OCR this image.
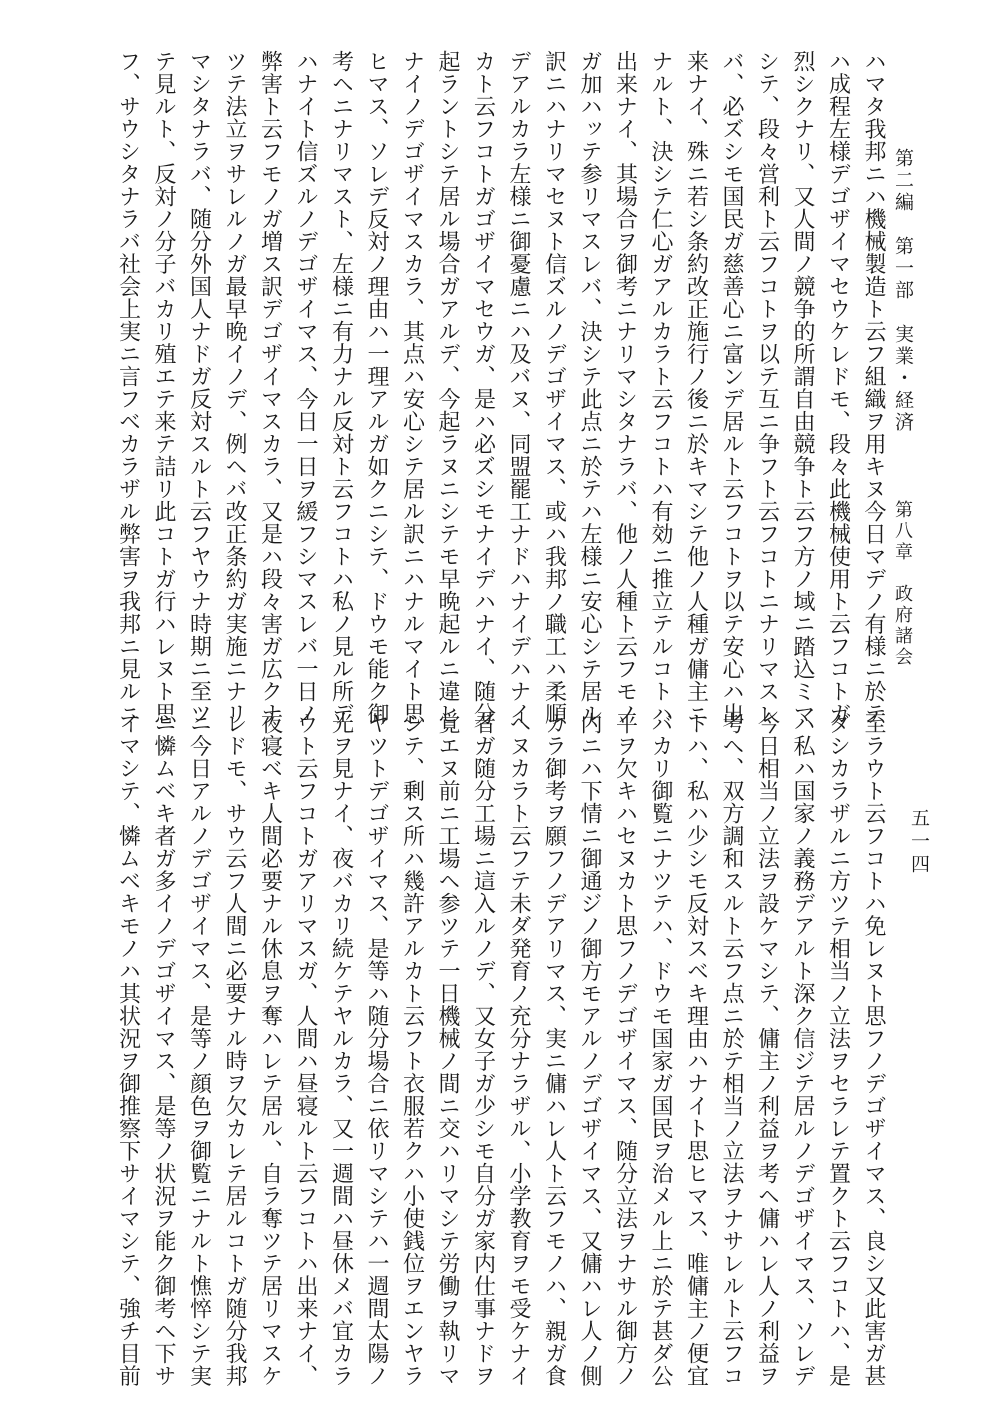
第二編　第一部　実業・経済
第八章　政府諸会
五一四
ハマタ我邦ニハ機械製造ト云フ組織ヲ用キヌ今日マデノ有様ニ於テ
ハ成程左様デゴザイマセウケレドモ、段々此機械使用ト云フコトガ
烈シクナリ、又人間ノ競争的所謂自由競争ト云フ方ノ域ニ踏込ミマ
シテ、段々営利ト云フコトヲ以テ互ニ争フト云フコトニナリマスレ
バ、必ズシモ国民ガ慈善心ニ富ンデ居ルト云フコトヲ以テ安心ハ出
来ナイ、殊ニ若シ条約改正施行ノ後ニ於キマシテ他ノ人種ガ傭主ニ
ナルト、決シテ仁心ガアルカラト云フコトハ有効ニ推立テルコトハ
出来ナイ、其場合ヲ御考ニナリマシタナラバ、他ノ人種ト云フモノ
ガ加ハッテ参リマスレバ、決シテ此点ニ於テハ左様ニ安心シテ居ル
訳ニハナリマセヌト信ズルノデゴザイマス、或ハ我邦ノ職工ハ柔順
デアルカラ左様ニ御憂慮ニハ及バヌ、同盟罷工ナドハナイデハナイ
カト云フコトガゴザイマセウガ、是ハ必ズシモナイデハナイ、随分
起ラントシテ居ル場合ガアルデ、今起ラヌニシテモ早晩起ルニ違ヒ
ナイノデゴザイマスカラ、其点ハ安心シテ居ル訳ニハナルマイト思
ヒマス、ソレデ反対ノ理由ハ一理アルガ如クニシテ、ドウモ能ク御
考ヘニナリマスト、左様ニ有力ナル反対ト云フコトハ私ノ見ル所デ
ハナイト信ズルノデゴザイマス、今日一日ヲ緩フシマスレバ一日ノ
弊害ト云フモノガ増ス訳デゴザイマスカラ、又是ハ段々害ガ広クナ
ツテ法立ヲサレルノガ最早晩イノデ、例ヘバ改正条約ガ実施ニナリ
マシタナラバ、随分外国人ナドガ反対スルト云フヤウナ時期ニ至ツ
テ見ルト、反対ノ分子バカリ殖エテ来テ詰リ此コトガ行ハレヌト思
フ、サウシタナラバ社会上実ニ言フベカラザル弊害ヲ我邦ニ見ルニ
至ラウト云フコトハ免レヌト思フノデゴザイマス、良シ又此害ガ甚
ダシカラザルニ方ツテ相当ノ立法ヲセラレテ置クト云フコトハ、是
ハ私ハ国家ノ義務デアルト深ク信ジテ居ルノデゴザイマス、ソレデ
今日相当ノ立法ヲ設ケマシテ、傭主ノ利益ヲ考ヘ傭ハレ人ノ利益ヲ
考ヘ、双方調和スルト云フ点ニ於テ相当ノ立法ヲナサレルト云フコ
トハ、私ハ少シモ反対スベキ理由ハナイト思ヒマス、唯傭主ノ便宜
バカリ御覧ニナツテハ、ドウモ国家ガ国民ヲ治メル上ニ於テ甚ダ公
平ヲ欠キハセヌカト思フノデゴザイマス、随分立法ヲナサル御方ノ
内ニハ下情ニ御通ジノ御方モアルノデゴザイマス、又傭ハレ人ノ側
カラ御考ヲ願フノデアリマス、実ニ傭ハレ人ト云フモノハ、親ガ食
ヘヌカラト云フテ未ダ発育ノ充分ナラザル、小学教育ヲモ受ケナイ
者ガ随分工場ニ這入ルノデ、又女子ガ少シモ自分ガ家内仕事ナドヲ
覚エヌ前ニ工場ヘ参ツテ一日機械ノ間ニ交ハリマシテ労働ヲ執リマ
シテ、剰ス所ハ幾許アルカト云フト衣服若クハ小使銭位ヲエンヤラ
ヤツトデゴザイマス、是等ハ随分場合ニ依リマシテハ一週間太陽ノ
光ヲ見ナイ、夜バカリ続ケテヤルカラ、又一週間ハ昼休メバ宜カラ
ウト云フコトガアリマスガ、人間ハ昼寝ルト云フコトハ出来ナイ、
夜寝ベキ人間必要ナル休息ヲ奪ハレテ居ル、自ラ奪ツテ居リマスケ
レドモ、サウ云フ人間ニ必要ナル時ヲ欠カレテ居ルコトガ随分我邦
ニ今日アルノデゴザイマス、是等ノ顔色ヲ御覧ニナルト憔悴シテ実
ニ憐ムベキ者ガ多イノデゴザイマス、是等ノ状況ヲ能ク御考ヘ下サ
イマシテ、憐ムベキモノハ其状況ヲ御推察下サイマシテ、強チ目前
